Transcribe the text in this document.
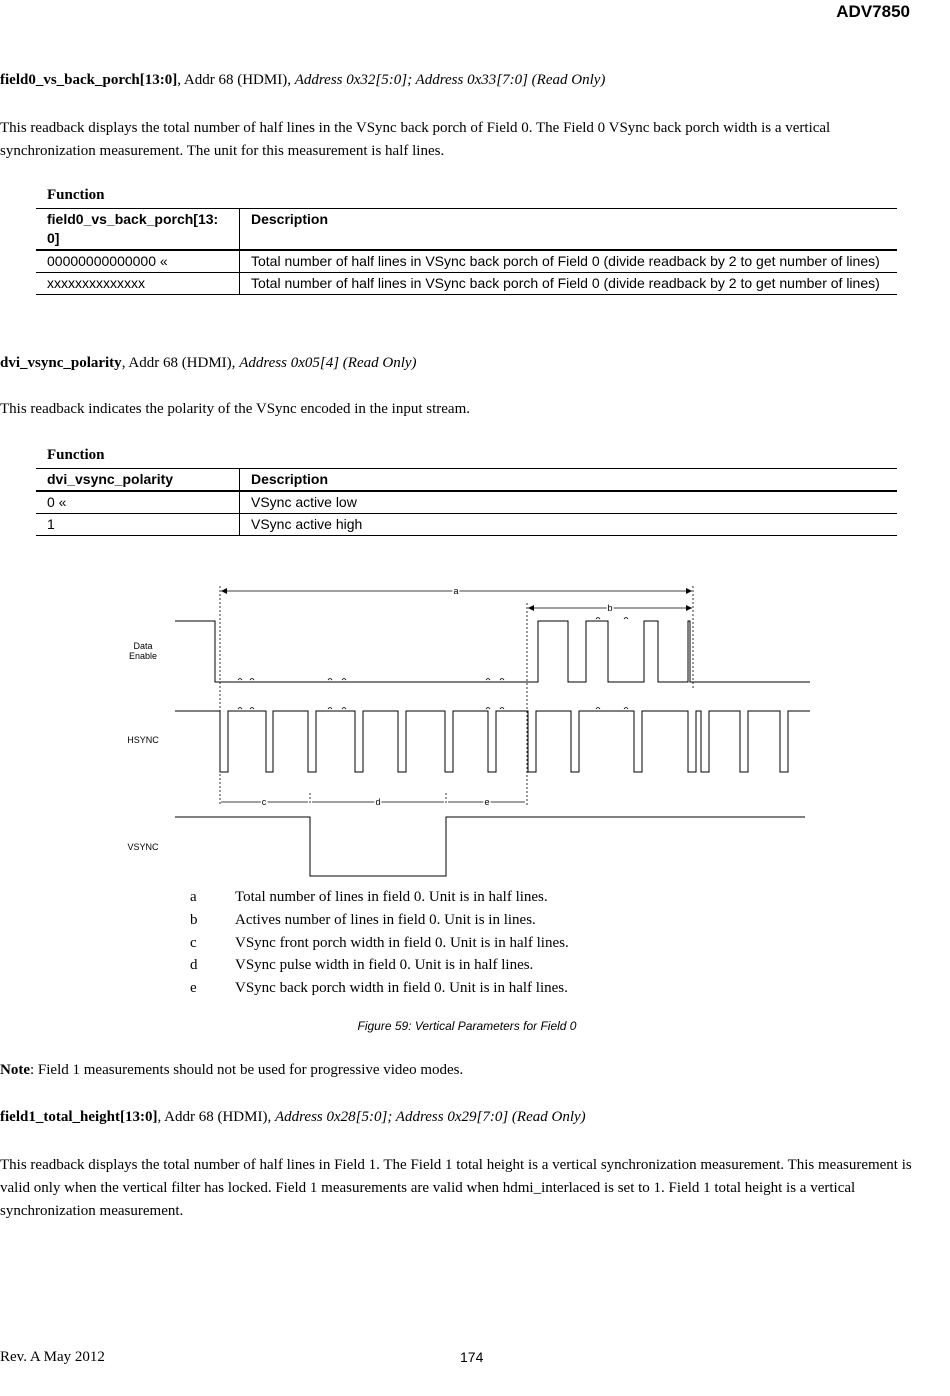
ADV7850
field0_vs_back_porch[13:0], Addr 68 (HDMI), Address 0x32[5:0]; Address 0x33[7:0] (Read Only)
This readback displays the total number of half lines in the VSync back porch of Field 0. The Field 0 VSync back porch width is a vertical synchronization measurement. The unit for this measurement is half lines.
Function
field0_vs_back_porch[13:0]	Description
00000000000000 «	Total number of half lines in VSync back porch of Field 0 (divide readback by 2 to get number of lines)
xxxxxxxxxxxxxx	Total number of half lines in VSync back porch of Field 0 (divide readback by 2 to get number of lines)
dvi_vsync_polarity, Addr 68 (HDMI), Address 0x05[4] (Read Only)
This readback indicates the polarity of the VSync encoded in the input stream.
Function
dvi_vsync_polarity	Description
0 «	VSync active low
1	VSync active high
Data
Enable
HSYNC
VSYNC
a
b
c	d	e
a	Total number of lines in field 0. Unit is in half lines.
b	Actives number of lines in field 0. Unit is in lines.
c	VSync front porch width in field 0. Unit is in half lines.
d	VSync pulse width in field 0. Unit is in half lines.
e	VSync back porch width in field 0. Unit is in half lines.
Figure 59: Vertical Parameters for Field 0
Note: Field 1 measurements should not be used for progressive video modes.
field1_total_height[13:0], Addr 68 (HDMI), Address 0x28[5:0]; Address 0x29[7:0] (Read Only)
This readback displays the total number of half lines in Field 1. The Field 1 total height is a vertical synchronization measurement. This measurement is valid only when the vertical filter has locked. Field 1 measurements are valid when hdmi_interlaced is set to 1. Field 1 total height is a vertical synchronization measurement.
Rev. A May 2012	174
